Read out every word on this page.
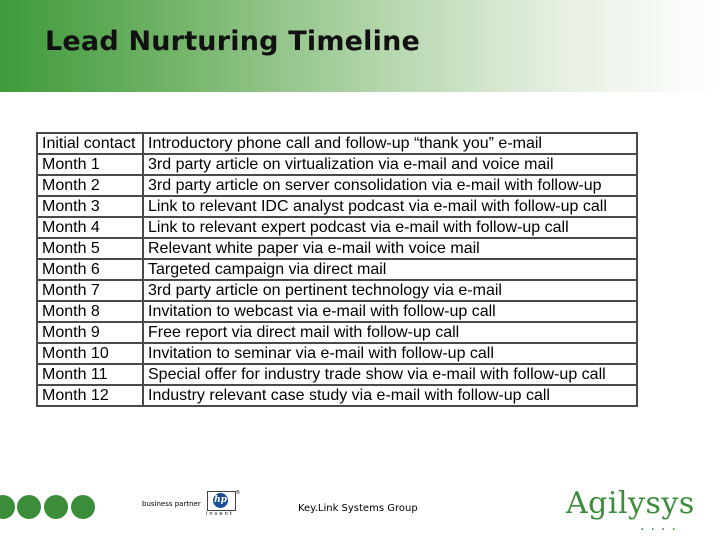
Lead Nurturing Timeline
Initial contact	Introductory phone call and follow-up “thank you” e-mail
Month 1	3rd party article on virtualization via e-mail and voice mail
Month 2	3rd party article on server consolidation via e-mail with follow-up
Month 3	Link to relevant IDC analyst podcast via e-mail with follow-up call
Month 4	Link to relevant expert podcast via e-mail with follow-up call
Month 5	Relevant white paper via e-mail with voice mail
Month 6	Targeted campaign via direct mail
Month 7	3rd party article on pertinent technology via e-mail
Month 8	Invitation to webcast via e-mail with follow-up call
Month 9	Free report via direct mail with follow-up call
Month 10	Invitation to seminar via e-mail with follow-up call
Month 11	Special offer for industry trade show via e-mail with follow-up call
Month 12	Industry relevant case study via e-mail with follow-up call
business partner hp
®
invent	Key.Link Systems Group	Agilysys
....
